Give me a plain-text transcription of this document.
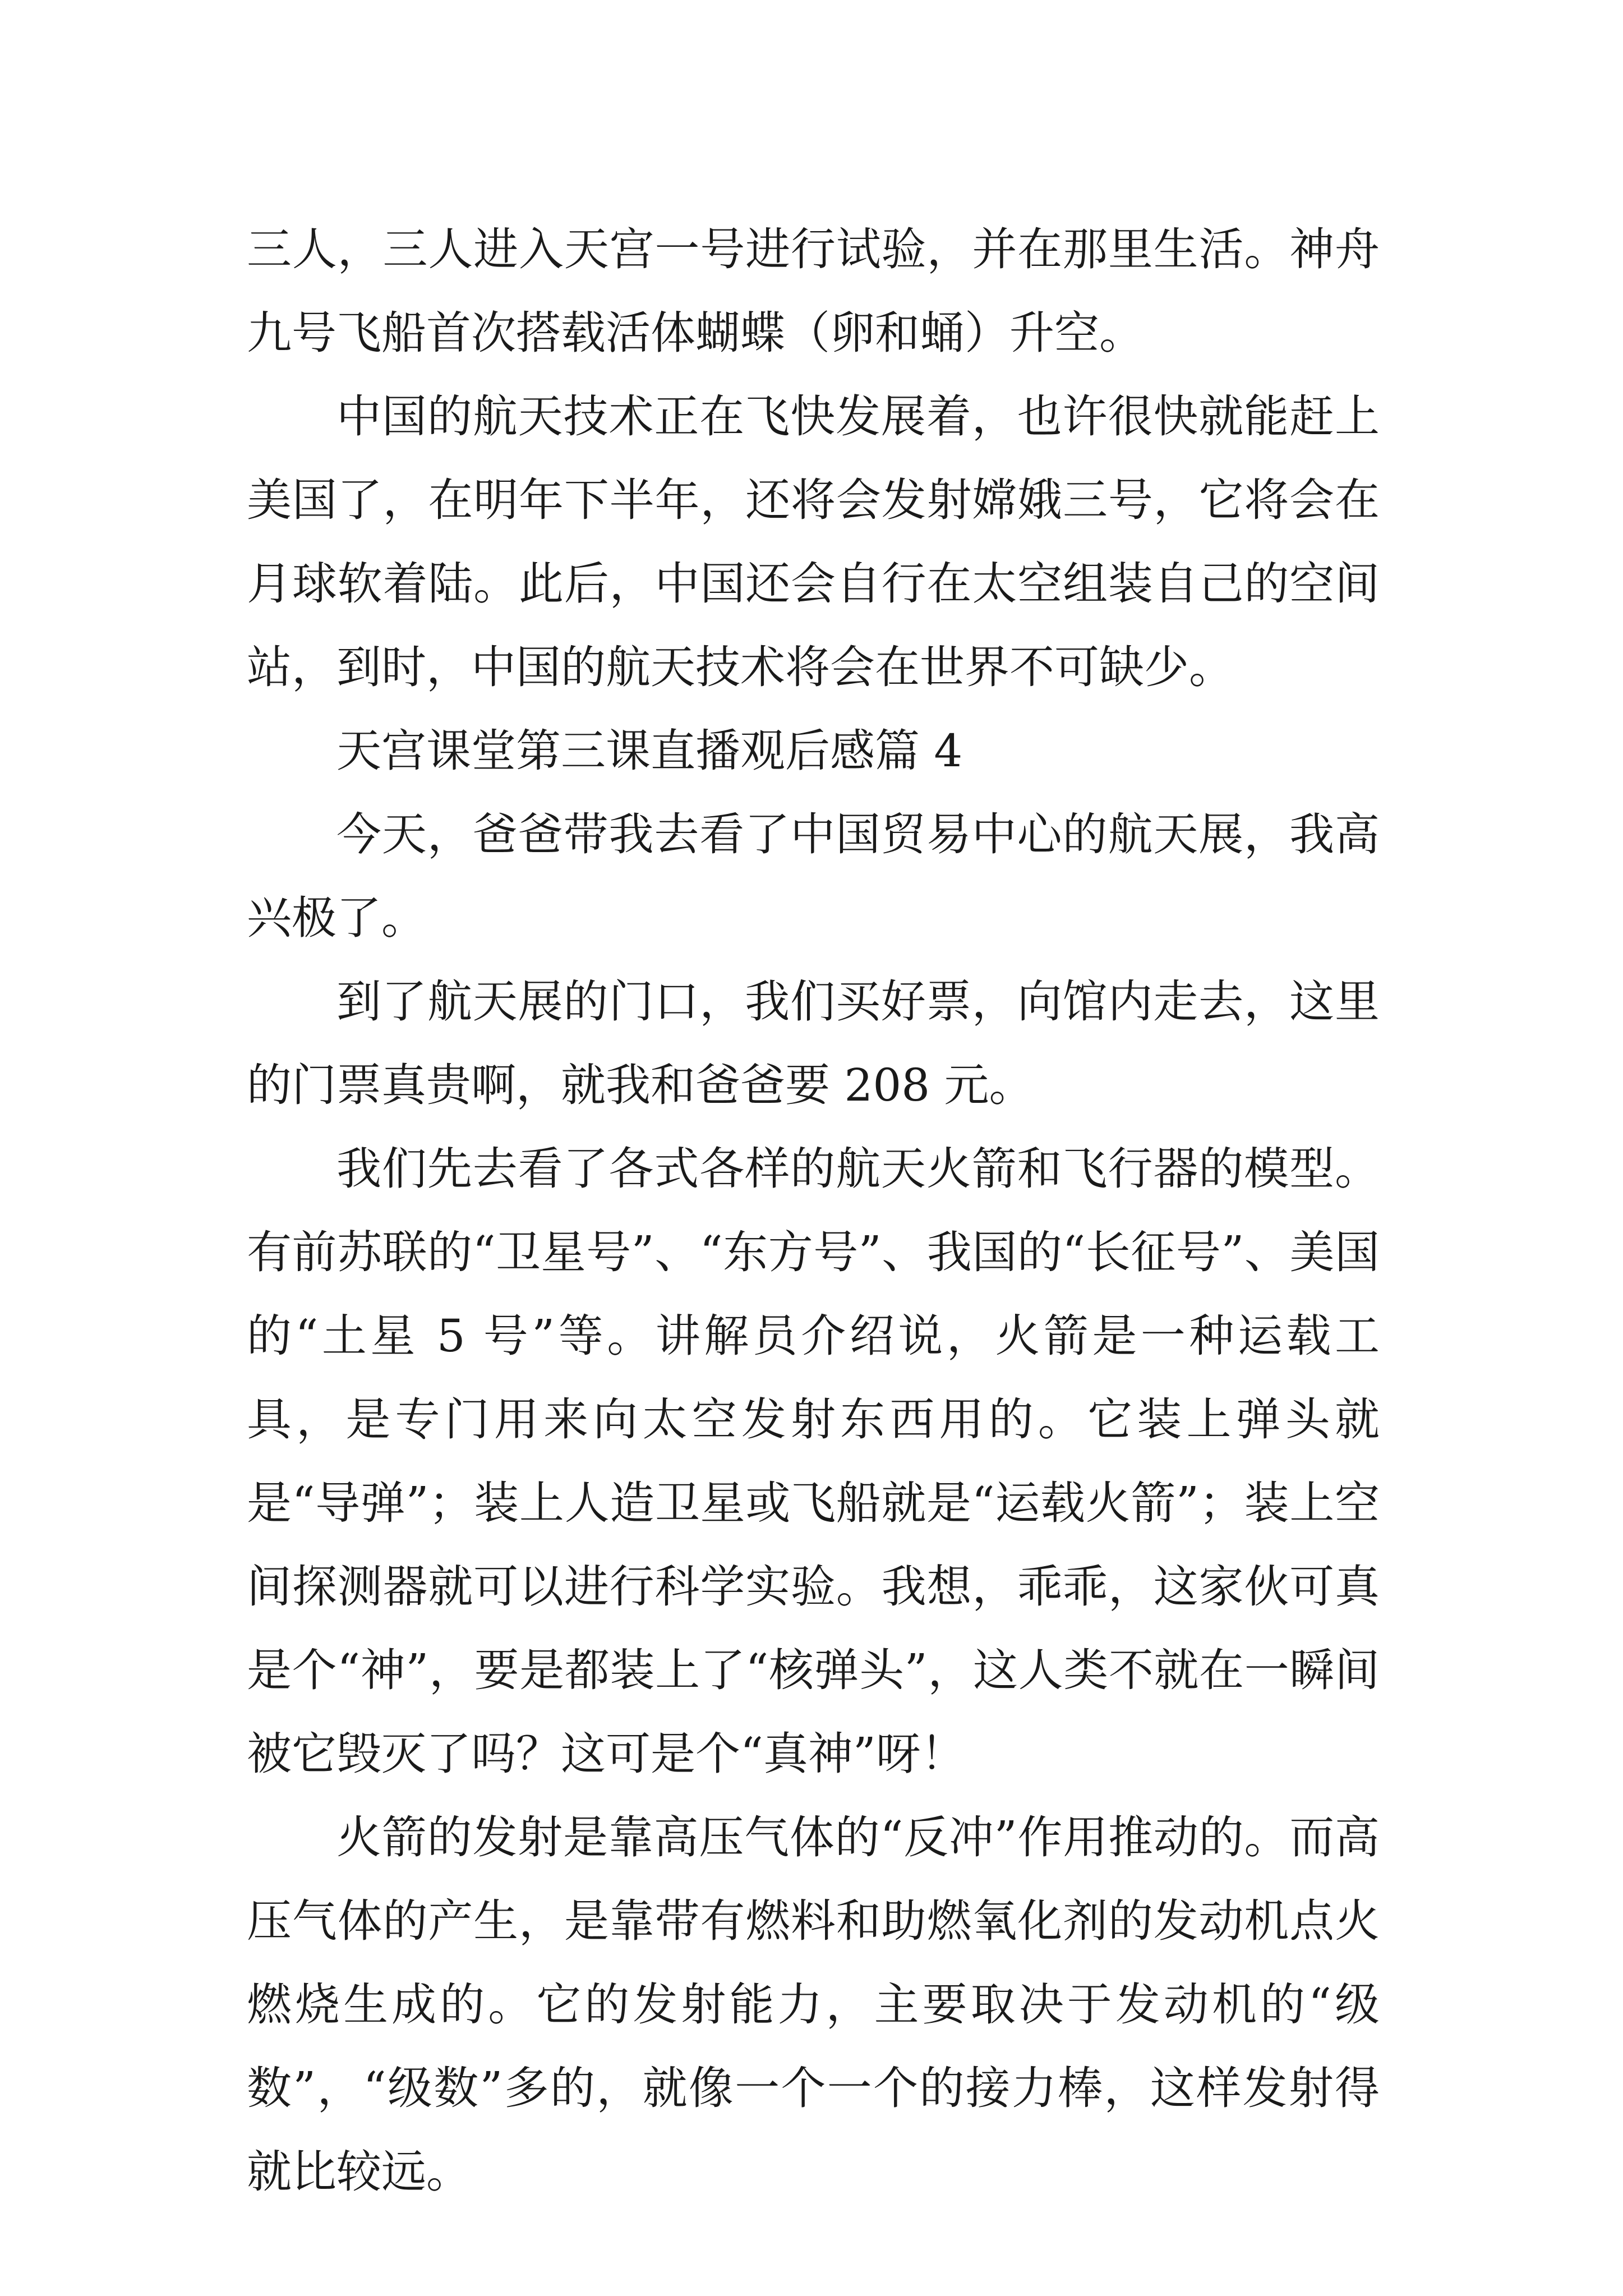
三人，三人进入天宫一号进行试验，并在那里生活。神舟九号飞船首次搭载活体蝴蝶（卵和蛹）升空。

中国的航天技术正在飞快发展着，也许很快就能赶上美国了，在明年下半年，还将会发射嫦娥三号，它将会在月球软着陆。此后，中国还会自行在太空组装自己的空间站，到时，中国的航天技术将会在世界不可缺少。

天宫课堂第三课直播观后感篇 4

今天，爸爸带我去看了中国贸易中心的航天展，我高兴极了。

到了航天展的门口，我们买好票，向馆内走去，这里的门票真贵啊，就我和爸爸要 208 元。

我们先去看了各式各样的航天火箭和飞行器的模型。有前苏联的“卫星号”、“东方号”、我国的“长征号”、美国的“土星 5 号”等。讲解员介绍说，火箭是一种运载工具，是专门用来向太空发射东西用的。它装上弹头就是“导弹”；装上人造卫星或飞船就是“运载火箭”；装上空间探测器就可以进行科学实验。我想，乖乖，这家伙可真是个“神”，要是都装上了“核弹头”，这人类不就在一瞬间被它毁灭了吗？这可是个“真神”呀！

火箭的发射是靠高压气体的“反冲”作用推动的。而高压气体的产生，是靠带有燃料和助燃氧化剂的发动机点火燃烧生成的。它的发射能力，主要取决于发动机的“级数”，“级数”多的，就像一个一个的接力棒，这样发射得就比较远。
